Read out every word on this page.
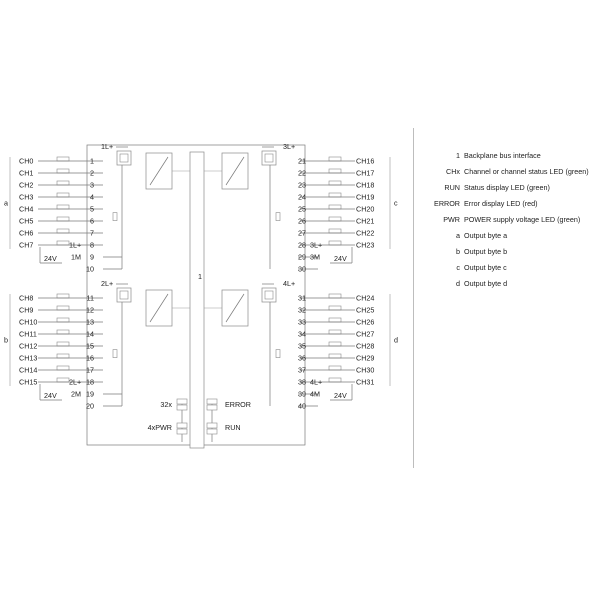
1
1L+
CH0	1
CH1	2
CH2	3
CH3	4
CH4	5
CH5	6
CH6	7
CH7	8
9
10
1L+
1M
24V
a
2L+
CH8	11
CH9	12
CH10	13
CH11	14
CH12	15
CH13	16
CH14	17
CH15	18
19
20
2L+
2M
24V
b
3L+
CH16
21
CH17
22
CH18
23
CH19
24
CH20
25
CH21
26
CH22
27
CH23
28
29
30
3L+
3M 24V
c
4L+
CH24
31
CH25
32
CH26
33
CH27
34
CH28
35
CH29
36
CH30
37
CH31
38
39
40
4L+
4M 24V
d
32x
4xPWR
ERROR
RUN
1 Backplane bus interface
CHx Channel or channel status LED (green)
RUN Status display LED (green)
ERROR Error display LED (red)
PWR POWER supply voltage LED (green)
a Output byte a
b Output byte b
c Output byte c
d Output byte d
